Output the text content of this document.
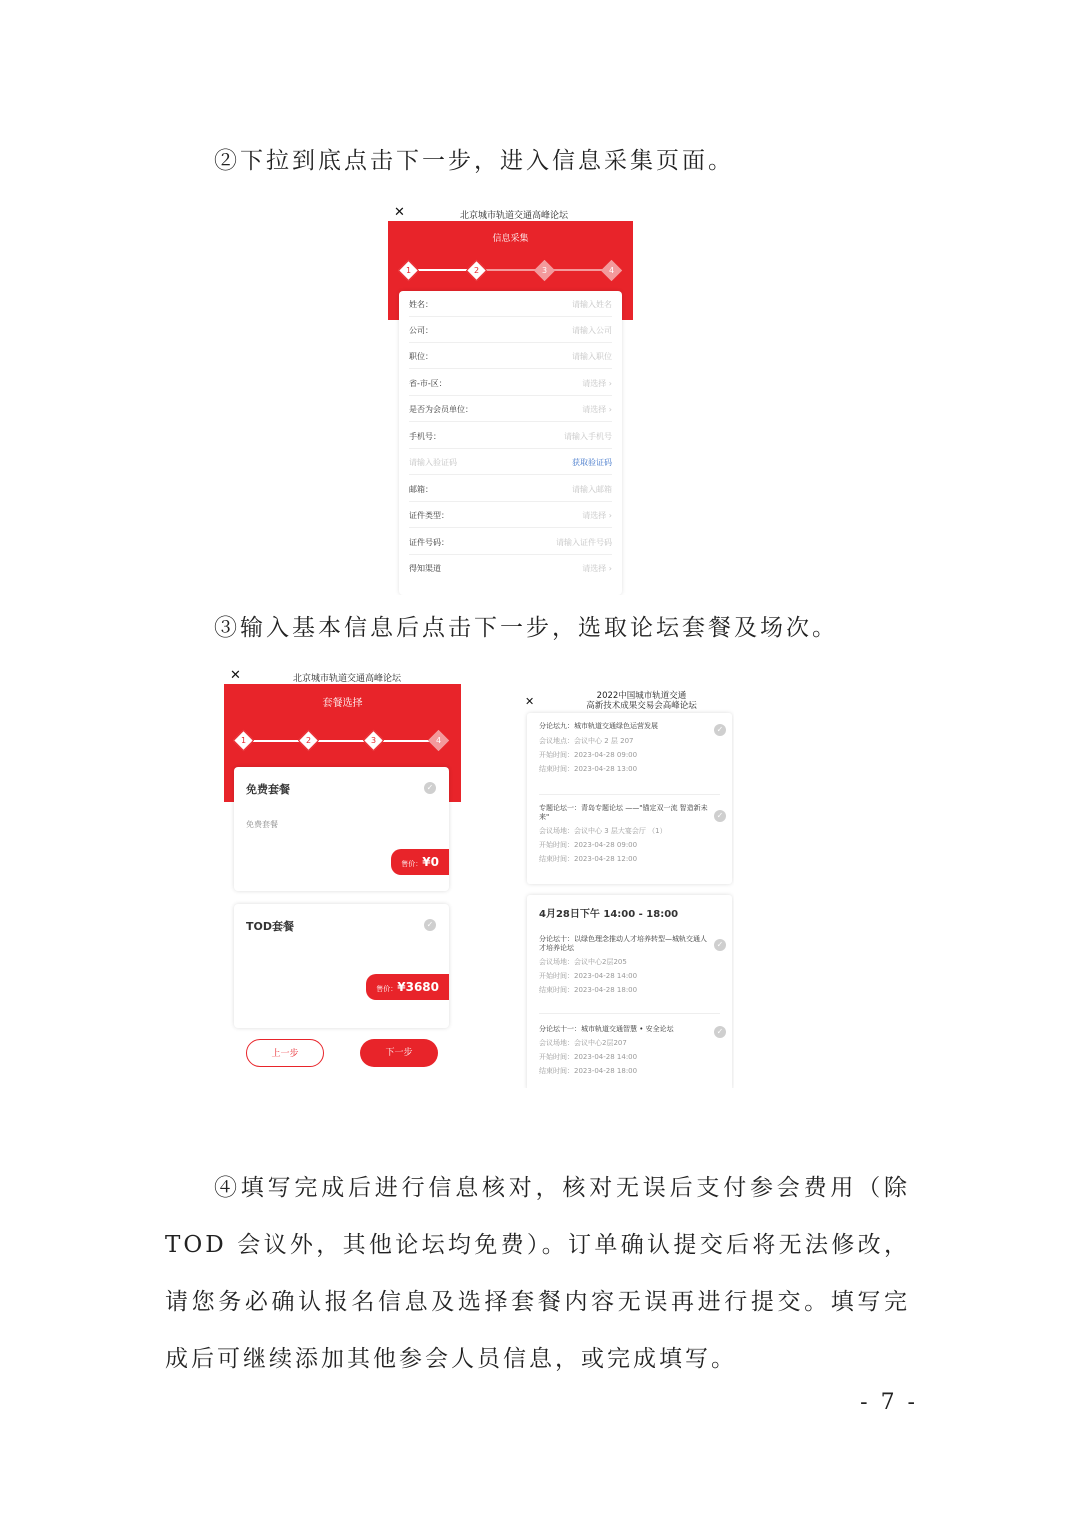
②下拉到底点击下一步，进入信息采集页面。
✕	北京城市轨道交通高峰论坛
信息采集
1	2	3	4
姓名：	请输入姓名
公司：	请输入公司
职位：	请输入职位
省-市-区：	请选择 ›
是否为会员单位：	请选择 ›
手机号：	请输入手机号
请输入验证码	获取验证码
邮箱：	请输入邮箱
证件类型：	请选择 ›
证件号码：	请输入证件号码
得知渠道	请选择 ›
③输入基本信息后点击下一步，选取论坛套餐及场次。
✕	北京城市轨道交通高峰论坛
套餐选择
1	2	3	4
免费套餐	✓
免费套餐
售价：¥0
TOD套餐	✓
售价：¥3680
上一步	下一步
✕	2022中国城市轨道交通
高新技术成果交易会高峰论坛
分论坛九：城市轨道交通绿色运营发展
会议地点：会议中心 2 层 207
开始时间：2023-04-28 09:00
结束时间：2023-04-28 13:00
✓
专题论坛一：青岛专题论坛 ——"锚定双一流 智造新未来"
会议场地：会议中心 3 层大宴会厅 （1）
开始时间：2023-04-28 09:00
结束时间：2023-04-28 12:00
✓
4月28日下午 14:00 - 18:00
分论坛十：以绿色理念推动人才培养转型—城轨交通人才培养论坛
会议场地：会议中心2层205
开始时间：2023-04-28 14:00
结束时间：2023-04-28 18:00
✓
分论坛十一：城市轨道交通智慧 • 安全论坛
会议场地：会议中心2层207
开始时间：2023-04-28 14:00
结束时间：2023-04-28 18:00
✓
④填写完成后进行信息核对，核对无误后支付参会费用（除 TOD 会议外，其他论坛均免费）。订单确认提交后将无法修改，请您务必确认报名信息及选择套餐内容无误再进行提交。填写完成后可继续添加其他参会人员信息，或完成填写。
- 7 -
